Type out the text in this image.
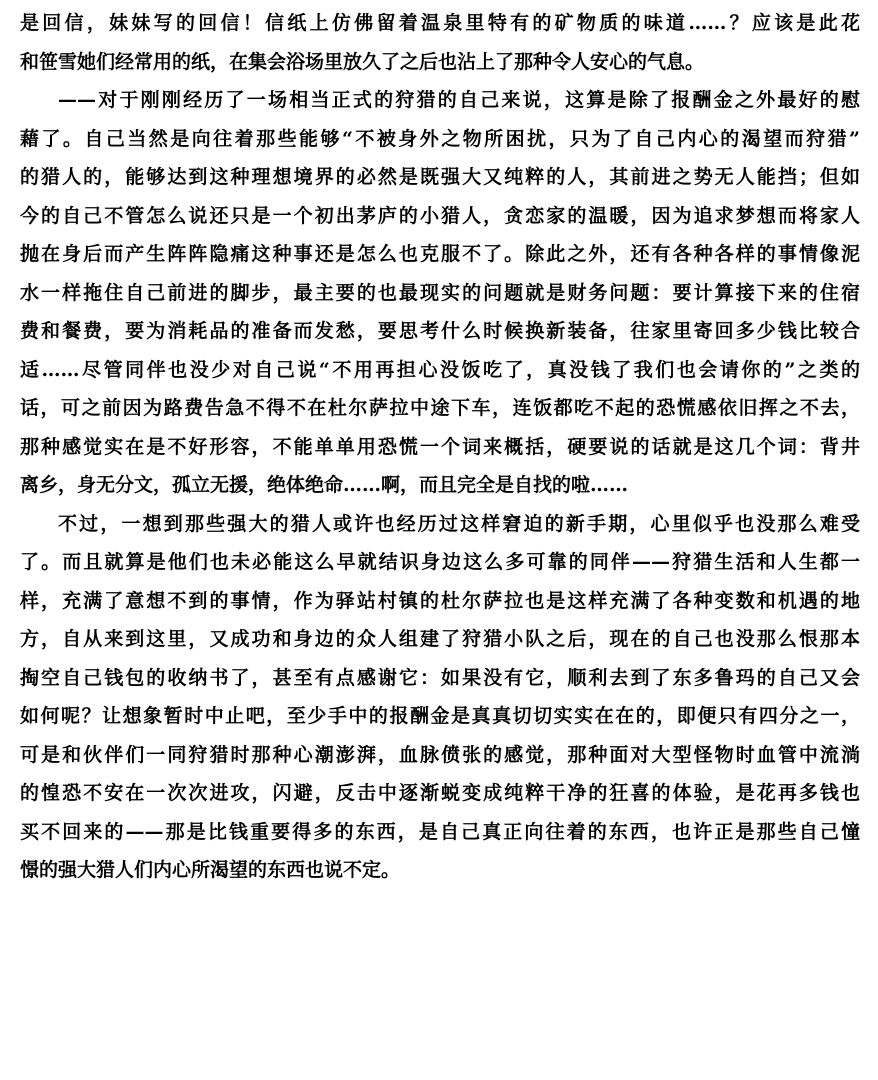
是回信，妹妹写的回信！信纸上仿佛留着温泉里特有的矿物质的味道……？应该是此花
和笹雪她们经常用的纸，在集会浴场里放久了之后也沾上了那种令人安心的气息。
——对于刚刚经历了一场相当正式的狩猎的自己来说，这算是除了报酬金之外最好的慰
藉了。自己当然是向往着那些能够“不被身外之物所困扰，只为了自己内心的渴望而狩猎”
的猎人的，能够达到这种理想境界的必然是既强大又纯粹的人，其前进之势无人能挡；但如
今的自己不管怎么说还只是一个初出茅庐的小猎人，贪恋家的温暖，因为追求梦想而将家人
抛在身后而产生阵阵隐痛这种事还是怎么也克服不了。除此之外，还有各种各样的事情像泥
水一样拖住自己前进的脚步，最主要的也最现实的问题就是财务问题：要计算接下来的住宿
费和餐费，要为消耗品的准备而发愁，要思考什么时候换新装备，往家里寄回多少钱比较合
适……尽管同伴也没少对自己说“不用再担心没饭吃了，真没钱了我们也会请你的”之类的
话，可之前因为路费告急不得不在杜尔萨拉中途下车，连饭都吃不起的恐慌感依旧挥之不去，
那种感觉实在是不好形容，不能单单用恐慌一个词来概括，硬要说的话就是这几个词：背井
离乡，身无分文，孤立无援，绝体绝命……啊，而且完全是自找的啦……
不过，一想到那些强大的猎人或许也经历过这样窘迫的新手期，心里似乎也没那么难受
了。而且就算是他们也未必能这么早就结识身边这么多可靠的同伴——狩猎生活和人生都一
样，充满了意想不到的事情，作为驿站村镇的杜尔萨拉也是这样充满了各种变数和机遇的地
方，自从来到这里，又成功和身边的众人组建了狩猎小队之后，现在的自己也没那么恨那本
掏空自己钱包的收纳书了，甚至有点感谢它：如果没有它，顺利去到了东多鲁玛的自己又会
如何呢？让想象暂时中止吧，至少手中的报酬金是真真切切实实在在的，即便只有四分之一，
可是和伙伴们一同狩猎时那种心潮澎湃，血脉偾张的感觉，那种面对大型怪物时血管中流淌
的惶恐不安在一次次进攻，闪避，反击中逐渐蜕变成纯粹干净的狂喜的体验，是花再多钱也
买不回来的——那是比钱重要得多的东西，是自己真正向往着的东西，也许正是那些自己憧
憬的强大猎人们内心所渴望的东西也说不定。
